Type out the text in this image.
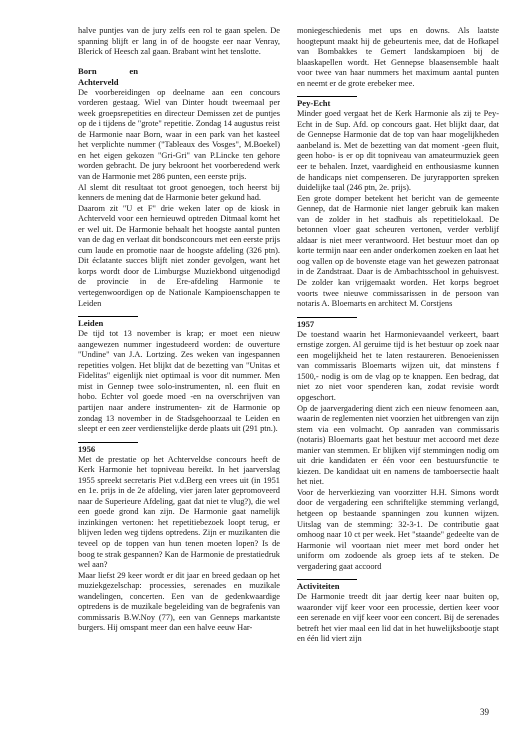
halve puntjes van de jury zelfs een rol te gaan spelen. De spanning blijft er lang in of de hoogste eer naar Venray, Blerick of Heesch zal gaan. Brabant wint het tenslotte.

Born en Achterveld

De voorbereidingen op deelname aan een concours vorderen gestaag. Wiel van Dinter houdt tweemaal per week groepsrepetities en directeur Demissen zet de puntjes op de i tijdens de "grote" repetitie. Zondag 14 augustus reist de Harmonie naar Born, waar in een park van het kasteel het verplichte nummer ("Tableaux des Vosges", M.Boekel) en het eigen gekozen "Gri-Gri" van P.Lincke ten gehore worden gebracht. De jury bekroont het voorberedend werk van de Harmonie met 286 punten, een eerste prijs.

Al slemt dit resultaat tot groot genoegen, toch heerst bij kenners de mening dat de Harmonie beter gekund had.

Daarom zit "U et F" drie weken later op de kiosk in Achterveld voor een hernieuwd optreden Ditmaal komt het er wel uit. De Harmonie behaalt het hoogste aantal punten van de dag en verlaat dit bondsconcours met een eerste prijs cum laude en promotie naar de hoogste afdeling (326 ptn). Dit éclatante succes blijft niet zonder gevolgen, want het korps wordt door de Limburgse Muziekbond uitgenodigd de provincie in de Ere-afdeling Harmonie te vertegenwoordigen op de Nationale Kampioenschappen te Leiden

Leiden

De tijd tot 13 november is krap; er moet een nieuw aangewezen nummer ingestudeerd worden: de ouverture "Undine" van J.A. Lortzing. Zes weken van ingespannen repetities volgen. Het blijkt dat de bezetting van "Unitas et Fidelitas" eigenlijk niet optimaal is voor dit nummer. Men mist in Gennep twee solo-instrumenten, nl. een fluit en hobo. Echter vol goede moed -en na overschrijven van partijen naar andere instrumenten- zit de Harmonie op zondag 13 november in de Stadsgehoorzaal te Leiden en sleept er een zeer verdienstelijke derde plaats uit (291 ptn.).

1956

Met de prestatie op het Achterveldse concours heeft de Kerk Harmonie het topniveau bereikt. In het jaarverslag 1955 spreekt secretaris Piet v.d.Berg een vrees uit (in 1951 en 1e. prijs in de 2e afdeling, vier jaren later gepromoveerd naar de Superieure Afdeling, gaat dat niet te vlug?), die wel een goede grond kan zijn. De Harmonie gaat namelijk inzinkingen vertonen: het repetitiebezoek loopt terug, er blijven leden weg tijdens optredens. Zijn er muzikanten die teveel op de toppen van hun tenen moeten lopen? Is de boog te strak gespannen? Kan de Harmonie de prestatiedruk wel aan?

Maar liefst 29 keer wordt er dit jaar en breed gedaan op het muziekgezelschap: processies, serenades en muzikale wandelingen, concerten. Een van de gedenkwaardige optredens is de muzikale begeleiding van de begrafenis van commissaris B.W.Noy (77), een van Genneps markantste burgers. Hij omspant meer dan een halve eeuw Har-

moniegeschiedenis met ups en downs. Als laatste hoogtepunt maakt hij de gebeurtenis mee, dat de Hofkapel van Bombakkes te Gemert landskampioen bij de blaaskapellen wordt. Het Gennepse blaasensemble haalt voor twee van haar nummers het maximum aantal punten en neemt er de grote erebeker mee.

Pey-Echt

Minder goed vergaat het de Kerk Harmonie als zij te Pey-Echt in de Sup. Afd. op concours gaat. Het blijkt daar, dat de Gennepse Harmonie dat de top van haar mogelijkheden aanbeland is. Met de bezetting van dat moment -geen fluit, geen hobo- is er op dit topniveau van amateurmuziek geen eer te behalen. Inzet, vaardigheid en enthousiasme kunnen de handicaps niet compenseren. De juryrapporten spreken duidelijke taal (246 ptn, 2e. prijs).

Een grote domper betekent het bericht van de gemeente Gennep, dat de Harmonie niet langer gebruik kan maken van de zolder in het stadhuis als repetitielokaal. De betonnen vloer gaat scheuren vertonen, verder verblijf aldaar is niet meer verantwoord. Het bestuur moet dan op korte termijn naar een ander onderkomen zoeken en laat het oog vallen op de bovenste etage van het gewezen patronaat in de Zandstraat. Daar is de Ambachtsschool in gehuisvest. De zolder kan vrijgemaakt worden. Het korps begroet voorts twee nieuwe commissarissen in de persoon van notaris A. Bloemarts en architect M. Corstjens

1957

De toestand waarin het Harmonievaandel verkeert, baart ernstige zorgen. Al geruime tijd is het bestuur op zoek naar een mogelijkheid het te laten restaureren. Benoeienissen van commissaris Bloemarts wijzen uit, dat minstens f 1500,- nodig is om de vlag op te knappen. Een bedrag, dat niet zo niet voor spenderen kan, zodat revisie wordt opgeschort.

Op de jaarvergadering dient zich een nieuw fenomeen aan, waarin de reglementen niet voorzien het uitbrengen van zijn stem via een volmacht. Op aanraden van commissaris (notaris) Bloemarts gaat het bestuur met accoord met deze manier van stemmen. Er blijken vijf stemmingen nodig om uit drie kandidaten er één voor een bestuursfunctie te kiezen. De kandidaat uit en namens de tamboersectie haalt het niet.

Voor de herverkiezing van voorzitter H.H. Simons wordt door de vergadering een schriftelijke stemming verlangd, hetgeen op bestaande spanningen zou kunnen wijzen. Uitslag van de stemming: 32-3-1. De contributie gaat omhoog naar 10 ct per week. Het "staande" gedeelte van de Harmonie wil voortaan niet meer met bord onder het uniform om zodoende als groep iets af te steken. De vergadering gaat accoord

Activiteiten

De Harmonie treedt dit jaar dertig keer naar buiten op, waaronder vijf keer voor een processie, dertien keer voor een serenade en vijf keer voor een concert. Bij de serenades betreft het vier maal een lid dat in het huwelijksbootje stapt en één lid viert zijn

39
